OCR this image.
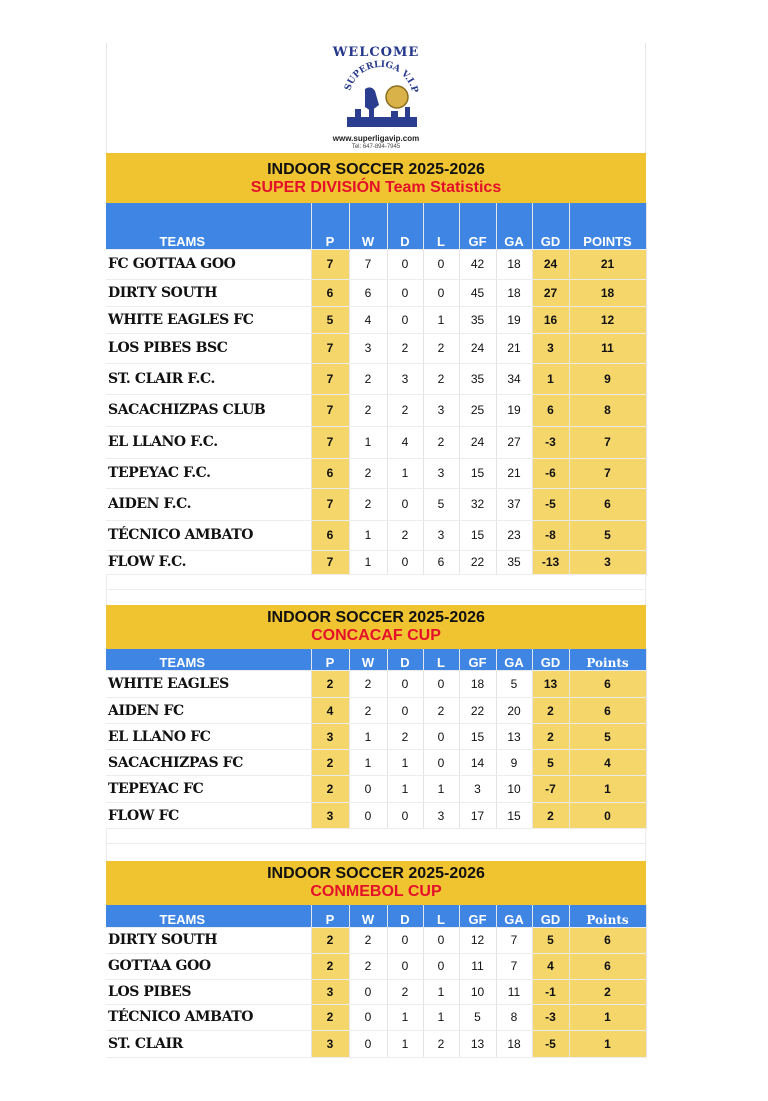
WELCOME
SUPERLIGA V.I.P
www.superligavip.com
Tel: 647-894-7945
INDOOR SOCCER 2025-2026
SUPER DIVISIÓN Team Statistics
TEAMS	P	W	D	L	GF	GA	GD	POINTS
FC GOTTAA GOO	7	7	0	0	42	18	24	21
DIRTY SOUTH	6	6	0	0	45	18	27	18
WHITE EAGLES FC	5	4	0	1	35	19	16	12
LOS PIBES BSC	7	3	2	2	24	21	3	11
ST. CLAIR F.C.	7	2	3	2	35	34	1	9
SACACHIZPAS CLUB	7	2	2	3	25	19	6	8
EL LLANO F.C.	7	1	4	2	24	27	-3	7
TEPEYAC F.C.	6	2	1	3	15	21	-6	7
AIDEN F.C.	7	2	0	5	32	37	-5	6
TÉCNICO AMBATO	6	1	2	3	15	23	-8	5
FLOW F.C.	7	1	0	6	22	35	-13	3
INDOOR SOCCER 2025-2026
CONCACAF CUP
TEAMS	P	W	D	L	GF	GA	GD	Points
WHITE EAGLES	2	2	0	0	18	5	13	6
AIDEN FC	4	2	0	2	22	20	2	6
EL LLANO FC	3	1	2	0	15	13	2	5
SACACHIZPAS FC	2	1	1	0	14	9	5	4
TEPEYAC FC	2	0	1	1	3	10	-7	1
FLOW FC	3	0	0	3	17	15	2	0
INDOOR SOCCER 2025-2026
CONMEBOL CUP
TEAMS	P	W	D	L	GF	GA	GD	Points
DIRTY SOUTH	2	2	0	0	12	7	5	6
GOTTAA GOO	2	2	0	0	11	7	4	6
LOS PIBES	3	0	2	1	10	11	-1	2
TÉCNICO AMBATO	2	0	1	1	5	8	-3	1
ST. CLAIR	3	0	1	2	13	18	-5	1
